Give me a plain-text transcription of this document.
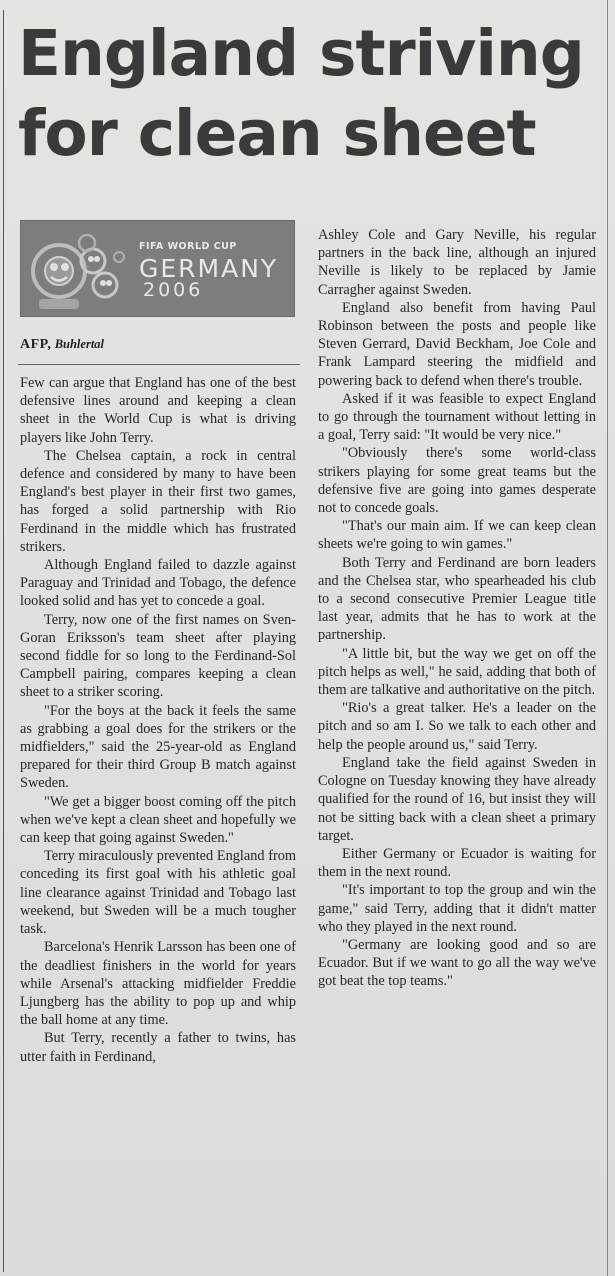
England striving
for clean sheet
FIFA WORLD CUP
GERMANY
2006
AFP, Buhlertal

Few can argue that England has one of the best defensive lines around and keeping a clean sheet in the World Cup is what is driving players like John Terry.

The Chelsea captain, a rock in central defence and considered by many to have been England's best player in their first two games, has forged a solid partnership with Rio Ferdinand in the middle which has frustrated strikers.

Although England failed to dazzle against Paraguay and Trinidad and Tobago, the defence looked solid and has yet to concede a goal.

Terry, now one of the first names on Sven-Goran Eriksson's team sheet after playing second fiddle for so long to the Ferdinand-Sol Campbell pairing, compares keeping a clean sheet to a striker scoring.

"For the boys at the back it feels the same as grabbing a goal does for the strikers or the midfielders," said the 25-year-old as England prepared for their third Group B match against Sweden.

"We get a bigger boost coming off the pitch when we've kept a clean sheet and hopefully we can keep that going against Sweden."

Terry miraculously prevented England from conceding its first goal with his athletic goal line clearance against Trinidad and Tobago last weekend, but Sweden will be a much tougher task.

Barcelona's Henrik Larsson has been one of the deadliest finishers in the world for years while Arsenal's attacking midfielder Freddie Ljungberg has the ability to pop up and whip the ball home at any time.

But Terry, recently a father to twins, has utter faith in Ferdinand,

Ashley Cole and Gary Neville, his regular partners in the back line, although an injured Neville is likely to be replaced by Jamie Carragher against Sweden.

England also benefit from having Paul Robinson between the posts and people like Steven Gerrard, David Beckham, Joe Cole and Frank Lampard steering the midfield and powering back to defend when there's trouble.

Asked if it was feasible to expect England to go through the tournament without letting in a goal, Terry said: "It would be very nice."

"Obviously there's some world-class strikers playing for some great teams but the defensive five are going into games desperate not to concede goals.

"That's our main aim. If we can keep clean sheets we're going to win games."

Both Terry and Ferdinand are born leaders and the Chelsea star, who spearheaded his club to a second consecutive Premier League title last year, admits that he has to work at the partnership.

"A little bit, but the way we get on off the pitch helps as well," he said, adding that both of them are talkative and authoritative on the pitch.

"Rio's a great talker. He's a leader on the pitch and so am I. So we talk to each other and help the people around us," said Terry.

England take the field against Sweden in Cologne on Tuesday knowing they have already qualified for the round of 16, but insist they will not be sitting back with a clean sheet a primary target.

Either Germany or Ecuador is waiting for them in the next round.

"It's important to top the group and win the game," said Terry, adding that it didn't matter who they played in the next round.

"Germany are looking good and so are Ecuador. But if we want to go all the way we've got beat the top teams."
